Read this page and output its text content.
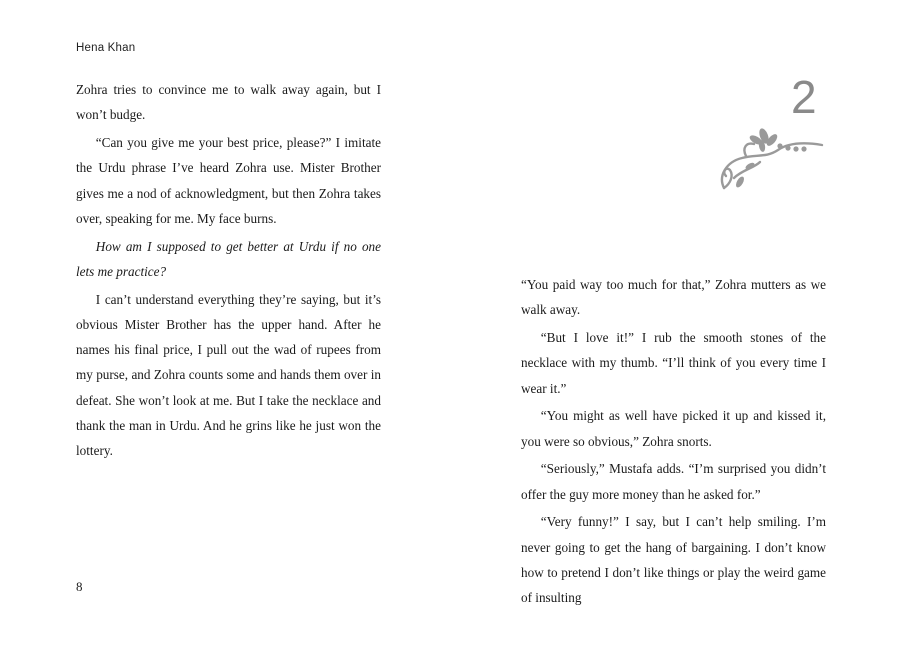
Hena Khan

Zohra tries to convince me to walk away again, but I won’t budge.

“Can you give me your best price, please?” I imitate the Urdu phrase I’ve heard Zohra use. Mister Brother gives me a nod of acknowledgment, but then Zohra takes over, speaking for me. My face burns.

How am I supposed to get better at Urdu if no one lets me practice?

I can’t understand everything they’re saying, but it’s obvious Mister Brother has the upper hand. After he names his final price, I pull out the wad of rupees from my purse, and Zohra counts some and hands them over in defeat. She won’t look at me. But I take the necklace and thank the man in Urdu. And he grins like he just won the lottery.

8
2

“You paid way too much for that,” Zohra mutters as we walk away.

“But I love it!” I rub the smooth stones of the necklace with my thumb. “I’ll think of you every time I wear it.”

“You might as well have picked it up and kissed it, you were so obvious,” Zohra snorts.

“Seriously,” Mustafa adds. “I’m surprised you didn’t offer the guy more money than he asked for.”

“Very funny!” I say, but I can’t help smiling. I’m never going to get the hang of bargaining. I don’t know how to pretend I don’t like things or play the weird game of insulting
